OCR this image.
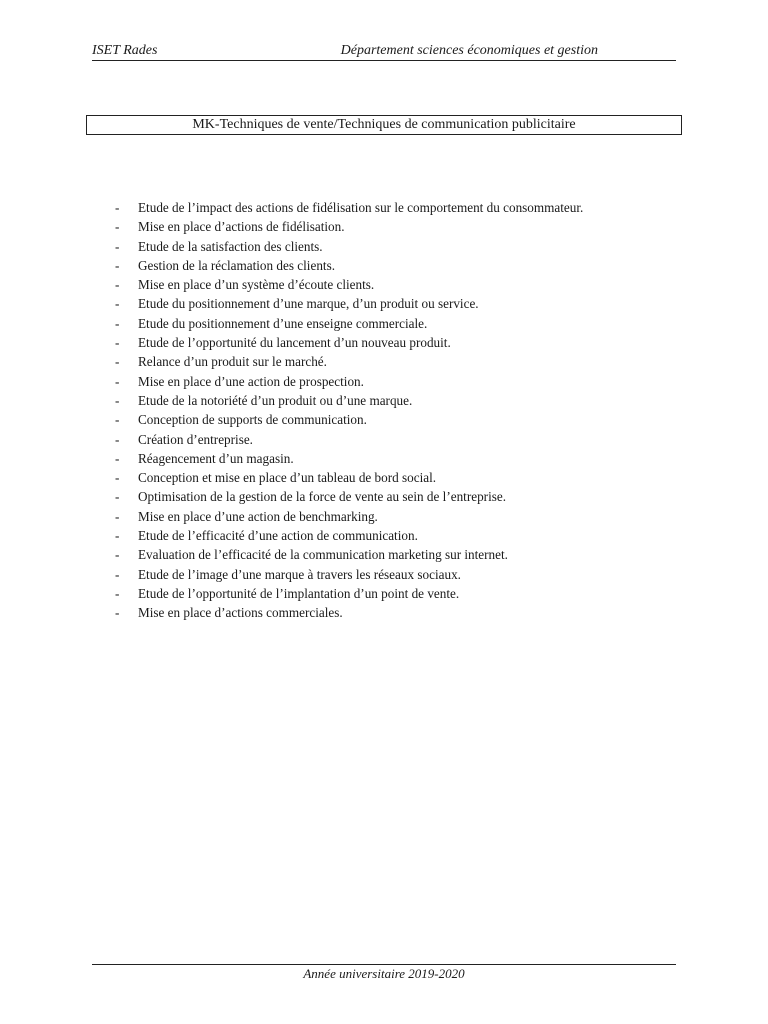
ISET Rades	Département sciences économiques et gestion
MK-Techniques de vente/Techniques de communication publicitaire
- Etude de l’impact des actions de fidélisation sur le comportement du consommateur.
- Mise en place d’actions de fidélisation.
- Etude de la satisfaction des clients.
- Gestion de la réclamation des clients.
- Mise en place d’un système d’écoute clients.
- Etude du positionnement d’une marque, d’un produit ou service.
- Etude du positionnement d’une enseigne commerciale.
- Etude de l’opportunité du lancement d’un nouveau produit.
- Relance d’un produit sur le marché.
- Mise en place d’une action de prospection.
- Etude de la notoriété d’un produit ou d’une marque.
- Conception de supports de communication.
- Création d’entreprise.
- Réagencement d’un magasin.
- Conception et mise en place d’un tableau de bord social.
- Optimisation de la gestion de la force de vente au sein de l’entreprise.
- Mise en place d’une action de benchmarking.
- Etude de l’efficacité d’une action de communication.
- Evaluation de l’efficacité de la communication marketing sur internet.
- Etude de l’image d’une marque à travers les réseaux sociaux.
- Etude de l’opportunité de l’implantation d’un point de vente.
- Mise en place d’actions commerciales.
Année universitaire 2019-2020
